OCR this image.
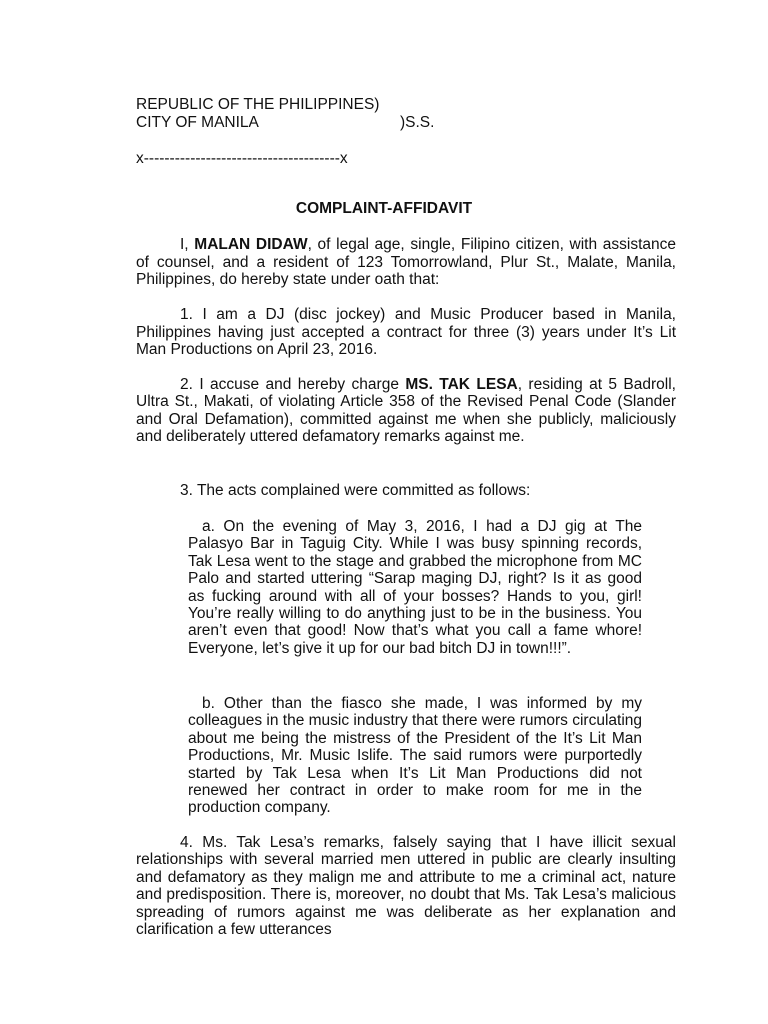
REPUBLIC OF THE PHILIPPINES)
CITY OF MANILA	)S.S.
x--------------------------------------x
COMPLAINT-AFFIDAVIT
I, MALAN DIDAW, of legal age, single, Filipino citizen, with assistance of counsel, and a resident of 123 Tomorrowland, Plur St., Malate, Manila, Philippines, do hereby state under oath that:
1. I am a DJ (disc jockey) and Music Producer based in Manila, Philippines having just accepted a contract for three (3) years under It’s Lit Man Productions on April 23, 2016.
2. I accuse and hereby charge MS. TAK LESA, residing at 5 Badroll, Ultra St., Makati, of violating Article 358 of the Revised Penal Code (Slander and Oral Defamation), committed against me when she publicly, maliciously and deliberately uttered defamatory remarks against me.
3. The acts complained were committed as follows:
a. On the evening of May 3, 2016, I had a DJ gig at The Palasyo Bar in Taguig City. While I was busy spinning records, Tak Lesa went to the stage and grabbed the microphone from MC Palo and started uttering “Sarap maging DJ, right? Is it as good as fucking around with all of your bosses? Hands to you, girl! You’re really willing to do anything just to be in the business. You aren’t even that good! Now that’s what you call a fame whore! Everyone, let’s give it up for our bad bitch DJ in town!!!”.
b. Other than the fiasco she made, I was informed by my colleagues in the music industry that there were rumors circulating about me being the mistress of the President of the It’s Lit Man Productions, Mr. Music Islife. The said rumors were purportedly started by Tak Lesa when It’s Lit Man Productions did not renewed her contract in order to make room for me in the production company.
4. Ms. Tak Lesa’s remarks, falsely saying that I have illicit sexual relationships with several married men uttered in public are clearly insulting and defamatory as they malign me and attribute to me a criminal act, nature and predisposition. There is, moreover, no doubt that Ms. Tak Lesa’s malicious spreading of rumors against me was deliberate as her explanation and clarification a few utterances
